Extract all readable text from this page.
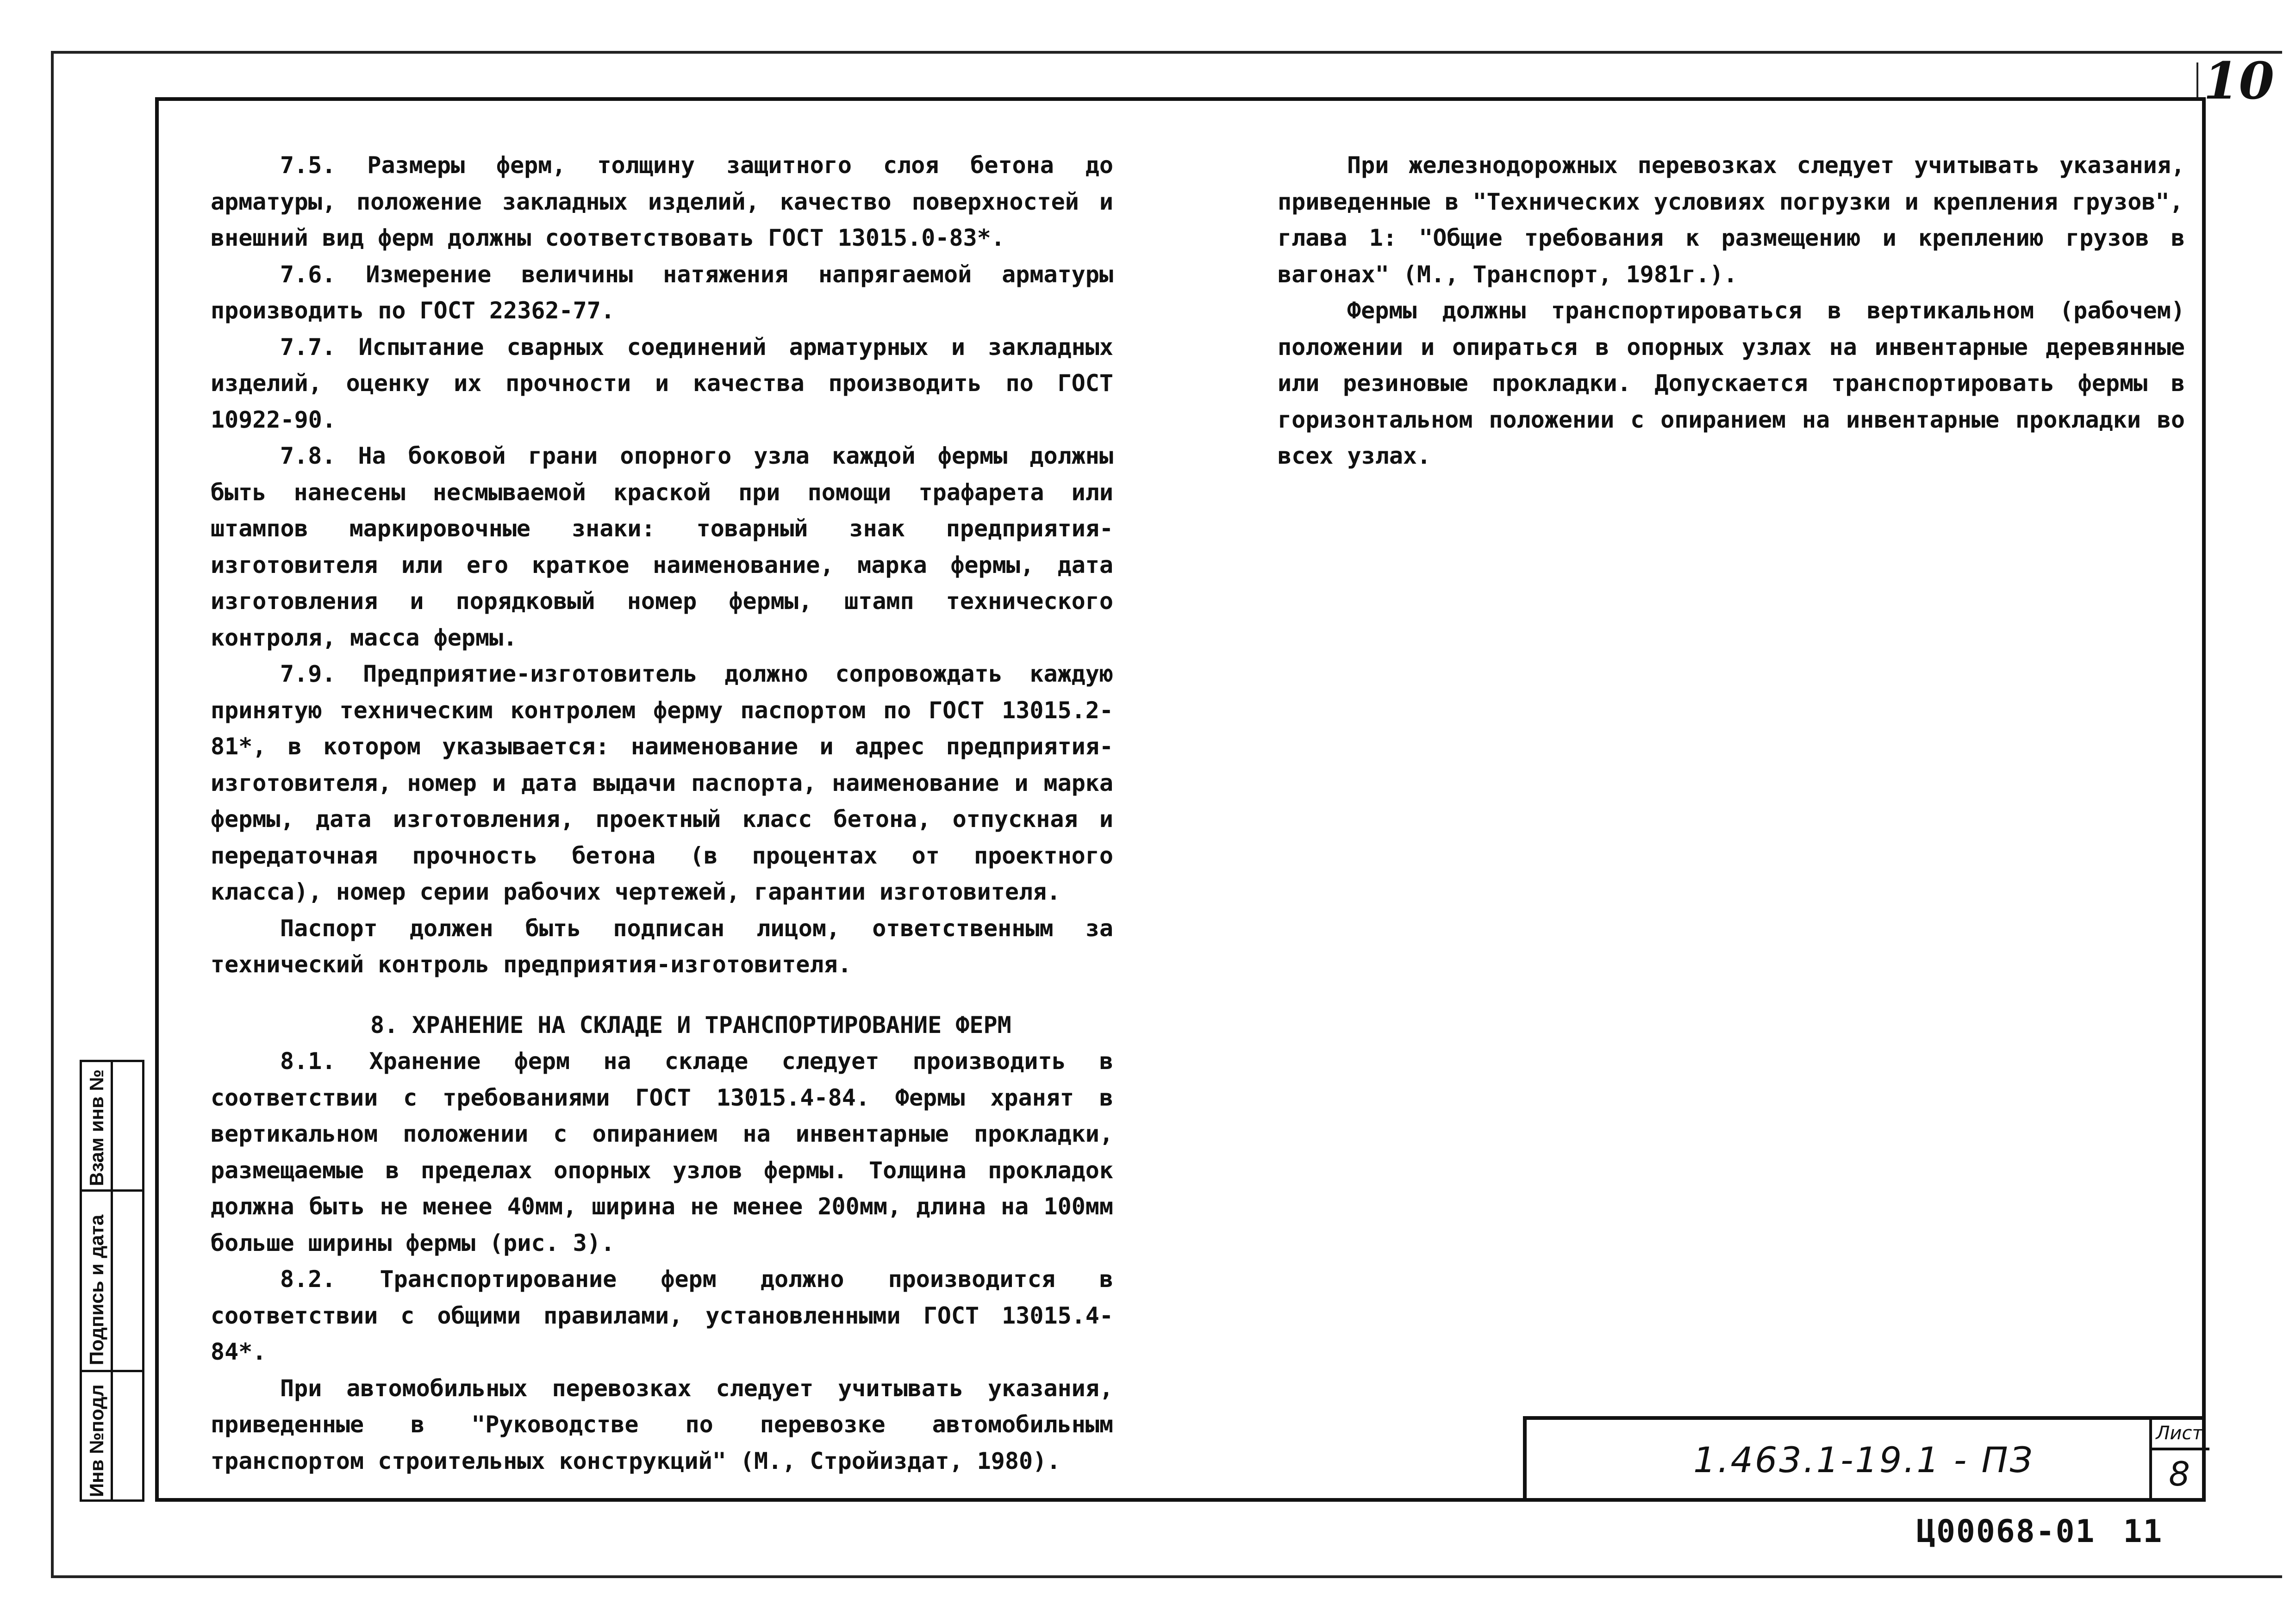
10

7.5. Размеры ферм, толщину защитного слоя бетона до арматуры, положение закладных изделий, качество поверхностей и внешний вид ферм должны соответствовать ГОСТ 13015.0-83*.

7.6. Измерение величины натяжения напрягаемой арматуры производить по ГОСТ 22362-77.

7.7. Испытание сварных соединений арматурных и закладных изделий, оценку их прочности и качества производить по ГОСТ 10922-90.

7.8. На боковой грани опорного узла каждой фермы должны быть нанесены несмываемой краской при помощи трафарета или штампов маркировочные знаки: товарный знак предприятия-изготовителя или его краткое наименование, марка фермы, дата изготовления и порядковый номер фермы, штамп технического контроля, масса фермы.

7.9. Предприятие-изготовитель должно сопровождать каждую принятую техническим контролем ферму паспортом по ГОСТ 13015.2-81*, в котором указывается: наименование и адрес предприятия-изготовителя, номер и дата выдачи паспорта, наименование и марка фермы, дата изготовления, проектный класс бетона, отпускная и передаточная прочность бетона (в процентах от проектного класса), номер серии рабочих чертежей, гарантии изготовителя.

Паспорт должен быть подписан лицом, ответственным за технический контроль предприятия-изготовителя.

8. ХРАНЕНИЕ НА СКЛАДЕ И ТРАНСПОРТИРОВАНИЕ ФЕРМ

8.1. Хранение ферм на складе следует производить в соответствии с требованиями ГОСТ 13015.4-84. Фермы хранят в вертикальном положении с опиранием на инвентарные прокладки, размещаемые в пределах опорных узлов фермы. Толщина прокладок должна быть не менее 40мм, ширина не менее 200мм, длина на 100мм больше ширины фермы (рис. 3).

8.2. Транспортирование ферм должно производится в соответствии с общими правилами, установленными ГОСТ 13015.4-84*.

При автомобильных перевозках следует учитывать указания, приведенные в "Руководстве по перевозке автомобильным транспортом строительных конструкций" (М., Стройиздат, 1980).

При железнодорожных перевозках следует учитывать указания, приведенные в "Технических условиях погрузки и крепления грузов",

глава 1: "Общие требования к размещению и креплению грузов в вагонах" (М., Транспорт, 1981г.).

Фермы должны транспортироваться в вертикальном (рабочем) положении и опираться в опорных узлах на инвентарные деревянные или резиновые прокладки. Допускается транспортировать фермы в горизонтальном положении с опиранием на инвентарные прокладки во всех узлах.

Инв №подл
Подпись и дата
Взам инв №
1.463.1-19.1 - ПЗ
Лист
8
Ц00068-01 11
